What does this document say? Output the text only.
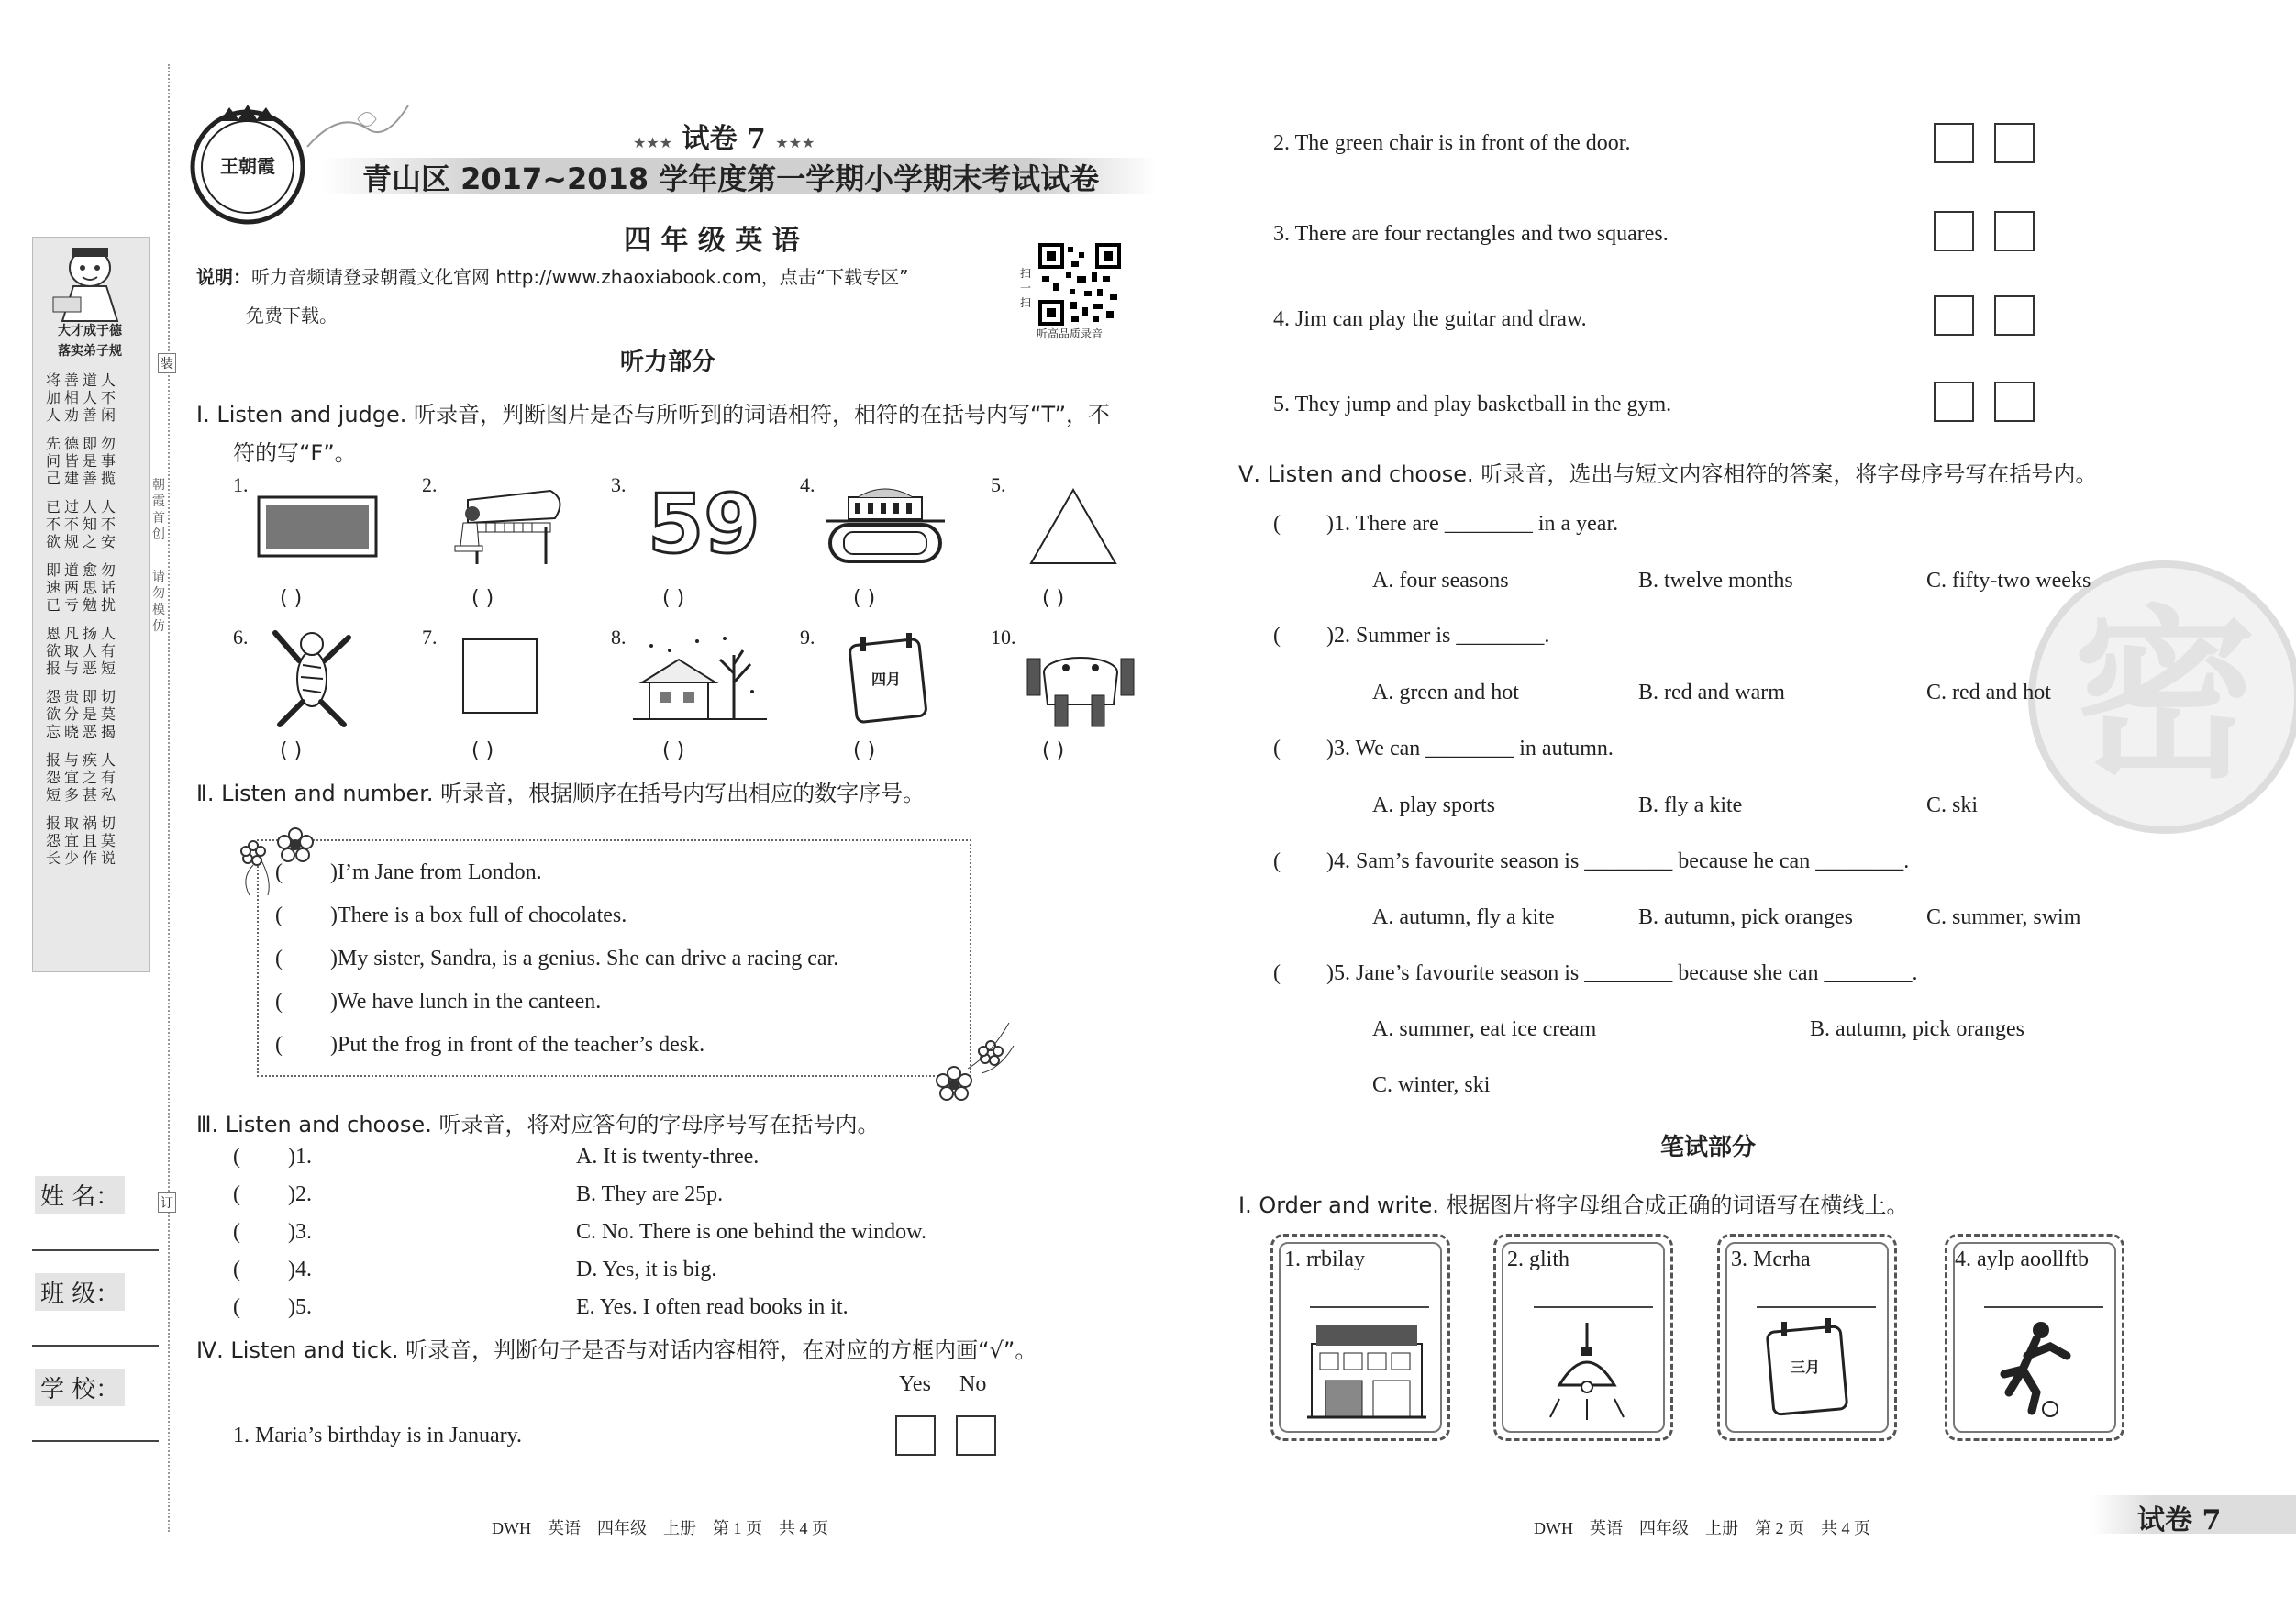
大才成于德
落实弟子规
将善道人
加相人不
人劝善闲
先德即勿
问皆是事
己建善揽
已过人人
不不知不
欲规之安
即道愈勿
速两思话
已亏勉扰
恩凡扬人
欲取人有
报与恶短
怨贵即切
欲分是莫
忘晓恶揭
报与疾人
怨宜之有
短多甚私
报取祸切
怨宜且莫
长少作说
朝霞首创
请勿模仿
装
订
姓 名：
班 级：
学 校：
王朝霞
★★★ 试卷 7 ★★★
青山区 2017~2018 学年度第一学期小学期末考试试卷
四 年 级 英 语
说明：听力音频请登录朝霞文化官网 http://www.zhaoxiabook.com，点击“下载专区”
免费下载。
扫一扫
听高品质录音
听力部分
Ⅰ. Listen and judge. 听录音，判断图片是否与所听到的词语相符，相符的在括号内写“T”，不
符的写“F”。
1.	2.	3.	4.	5.
59
( )	( )	( )	( )	( )
6.	7.	8.	9.	10.
四月
( )	( )	( )	( )	( )
Ⅱ. Listen and number. 听录音，根据顺序在括号内写出相应的数字序号。
( )I’m Jane from London.
( )There is a box full of chocolates.
( )My sister, Sandra, is a genius. She can drive a racing car.
( )We have lunch in the canteen.
( )Put the frog in front of the teacher’s desk.
Ⅲ. Listen and choose. 听录音，将对应答句的字母序号写在括号内。
( )1.	A. It is twenty-three.
( )2.	B. They are 25p.
( )3.	C. No. There is one behind the window.
( )4.	D. Yes, it is big.
( )5.	E. Yes. I often read books in it.
Ⅳ. Listen and tick. 听录音，判断句子是否与对话内容相符，在对应的方框内画“√”。
Yes No
1. Maria’s birthday is in January.
DWH    英语    四年级    上册    第 1 页    共 4 页
密
2. The green chair is in front of the door.
3. There are four rectangles and two squares.
4. Jim can play the guitar and draw.
5. They jump and play basketball in the gym.
Ⅴ. Listen and choose. 听录音，选出与短文内容相符的答案，将字母序号写在括号内。
( )1. There are ________ in a year.
A. four seasons	B. twelve months	C. fifty-two weeks
( )2. Summer is ________.
A. green and hot	B. red and warm	C. red and hot
( )3. We can ________ in autumn.
A. play sports	B. fly a kite	C. ski
( )4. Sam’s favourite season is ________ because he can ________.
A. autumn, fly a kite	B. autumn, pick oranges	C. summer, swim
( )5. Jane’s favourite season is ________ because she can ________.
A. summer, eat ice cream	B. autumn, pick oranges
C. winter, ski
笔试部分
Ⅰ. Order and write. 根据图片将字母组合成正确的词语写在横线上。
1. rrbilay	2. glith	3. Mcrha	4. aylp aoollftb
三月
DWH    英语    四年级    上册    第 2 页    共 4 页	试卷 7
